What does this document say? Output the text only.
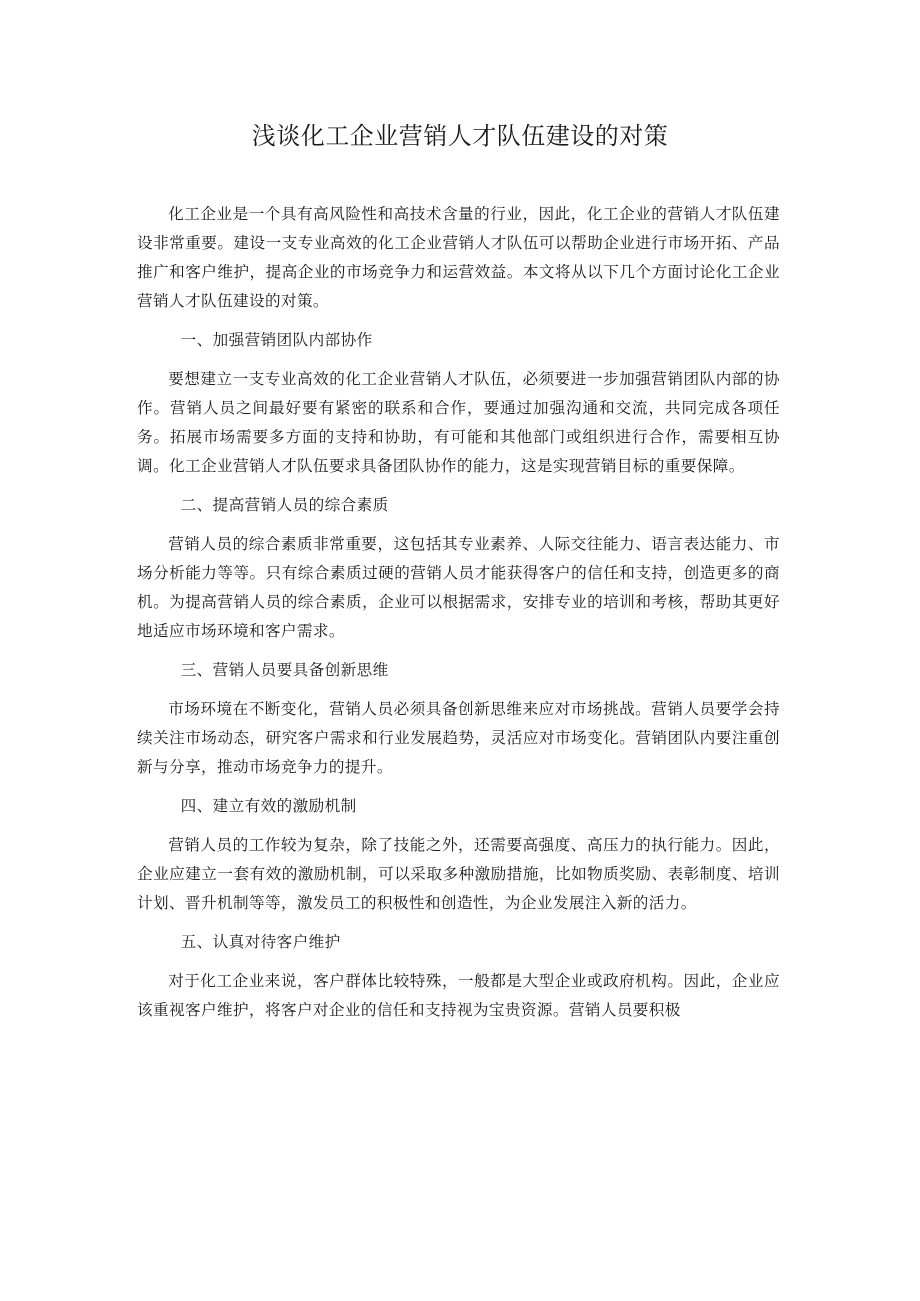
浅谈化工企业营销人才队伍建设的对策

化工企业是一个具有高风险性和高技术含量的行业，因此，化工企业的营销人才队伍建设非常重要。建设一支专业高效的化工企业营销人才队伍可以帮助企业进行市场开拓、产品推广和客户维护，提高企业的市场竞争力和运营效益。本文将从以下几个方面讨论化工企业营销人才队伍建设的对策。

一、加强营销团队内部协作

要想建立一支专业高效的化工企业营销人才队伍，必须要进一步加强营销团队内部的协作。营销人员之间最好要有紧密的联系和合作，要通过加强沟通和交流，共同完成各项任务。拓展市场需要多方面的支持和协助，有可能和其他部门或组织进行合作，需要相互协调。化工企业营销人才队伍要求具备团队协作的能力，这是实现营销目标的重要保障。

二、提高营销人员的综合素质

营销人员的综合素质非常重要，这包括其专业素养、人际交往能力、语言表达能力、市场分析能力等等。只有综合素质过硬的营销人员才能获得客户的信任和支持，创造更多的商机。为提高营销人员的综合素质，企业可以根据需求，安排专业的培训和考核，帮助其更好地适应市场环境和客户需求。

三、营销人员要具备创新思维

市场环境在不断变化，营销人员必须具备创新思维来应对市场挑战。营销人员要学会持续关注市场动态，研究客户需求和行业发展趋势，灵活应对市场变化。营销团队内要注重创新与分享，推动市场竞争力的提升。

四、建立有效的激励机制

营销人员的工作较为复杂，除了技能之外，还需要高强度、高压力的执行能力。因此，企业应建立一套有效的激励机制，可以采取多种激励措施，比如物质奖励、表彰制度、培训计划、晋升机制等等，激发员工的积极性和创造性，为企业发展注入新的活力。

五、认真对待客户维护

对于化工企业来说，客户群体比较特殊，一般都是大型企业或政府机构。因此，企业应该重视客户维护，将客户对企业的信任和支持视为宝贵资源。营销人员要积极
